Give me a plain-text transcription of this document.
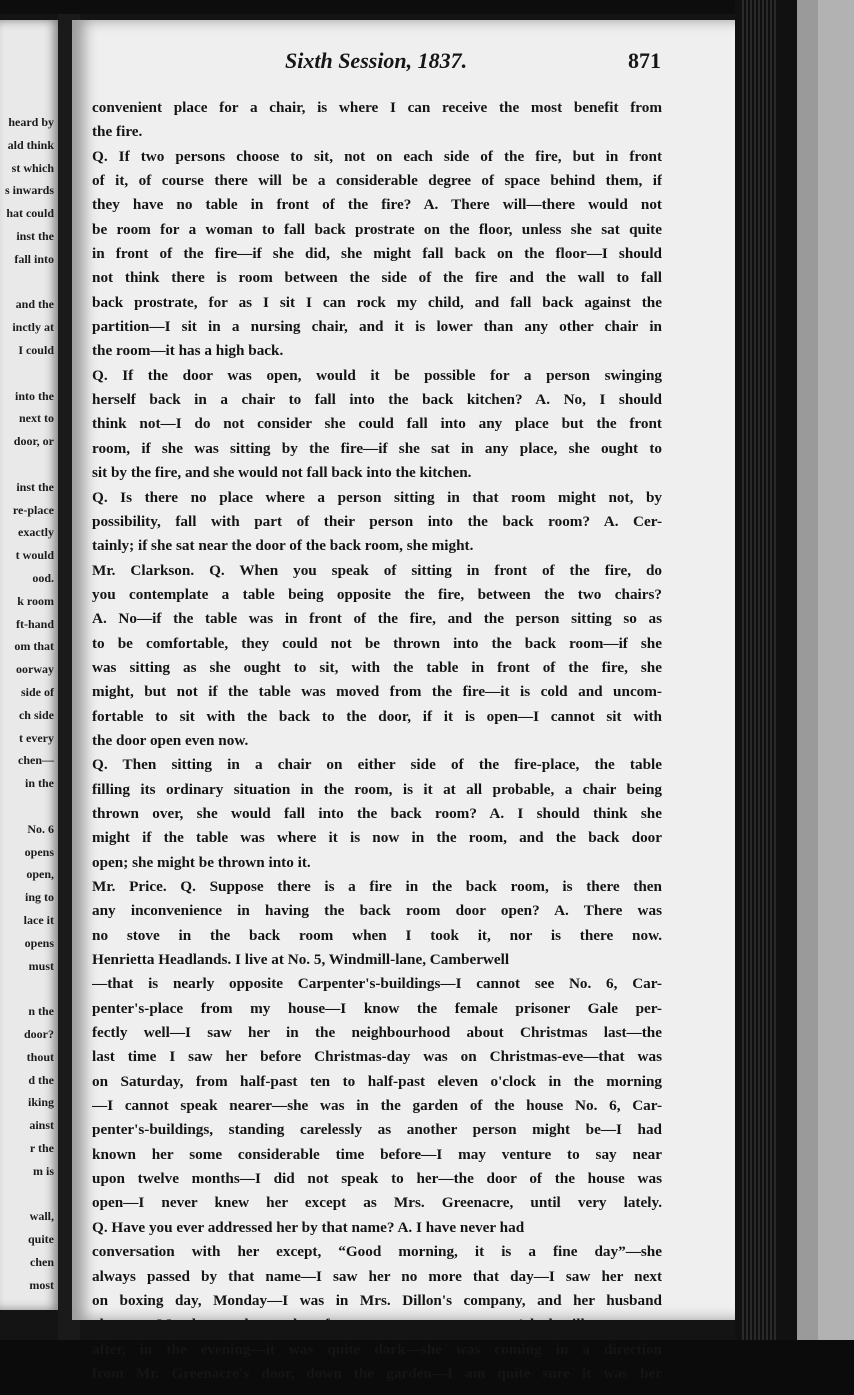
heard by
ald think
st which
s inwards
hat could
inst the
fall into
and the
inctly at
I could
into the
next to
door, or
inst the
re-place
exactly
t would
ood.
k room
ft-hand
om that
oorway
side of
ch side
t every
chen—
in the
No. 6
opens
open,
ing to
lace it
opens
must
n the
door?
thout
d the
iking
ainst
r the
m is
wall,
quite
chen
most
Sixth Session, 1837.	871
convenient place for a chair, is where I can receive the most benefit from
the fire.
Q. If two persons choose to sit, not on each side of the fire, but in front
of it, of course there will be a considerable degree of space behind them, if
they have no table in front of the fire? A. There will—there would not
be room for a woman to fall back prostrate on the floor, unless she sat quite
in front of the fire—if she did, she might fall back on the floor—I should
not think there is room between the side of the fire and the wall to fall
back prostrate, for as I sit I can rock my child, and fall back against the
partition—I sit in a nursing chair, and it is lower than any other chair in
the room—it has a high back.
Q. If the door was open, would it be possible for a person swinging
herself back in a chair to fall into the back kitchen? A. No, I should
think not—I do not consider she could fall into any place but the front
room, if she was sitting by the fire—if she sat in any place, she ought to
sit by the fire, and she would not fall back into the kitchen.
Q. Is there no place where a person sitting in that room might not, by
possibility, fall with part of their person into the back room? A. Cer-
tainly; if she sat near the door of the back room, she might.
Mr. Clarkson. Q. When you speak of sitting in front of the fire, do
you contemplate a table being opposite the fire, between the two chairs?
A. No—if the table was in front of the fire, and the person sitting so as
to be comfortable, they could not be thrown into the back room—if she
was sitting as she ought to sit, with the table in front of the fire, she
might, but not if the table was moved from the fire—it is cold and uncom-
fortable to sit with the back to the door, if it is open—I cannot sit with
the door open even now.
Q. Then sitting in a chair on either side of the fire-place, the table
filling its ordinary situation in the room, is it at all probable, a chair being
thrown over, she would fall into the back room? A. I should think she
might if the table was where it is now in the room, and the back door
open; she might be thrown into it.
Mr. Price. Q. Suppose there is a fire in the back room, is there then
any inconvenience in having the back room door open? A. There was
no stove in the back room when I took it, nor is there now.
Henrietta Headlands. I live at No. 5, Windmill-lane, Camberwell
—that is nearly opposite Carpenter's-buildings—I cannot see No. 6, Car-
penter's-place from my house—I know the female prisoner Gale per-
fectly well—I saw her in the neighbourhood about Christmas last—the
last time I saw her before Christmas-day was on Christmas-eve—that was
on Saturday, from half-past ten to half-past eleven o'clock in the morning
—I cannot speak nearer—she was in the garden of the house No. 6, Car-
penter's-buildings, standing carelessly as another person might be—I had
known her some considerable time before—I may venture to say near
upon twelve months—I did not speak to her—the door of the house was
open—I never knew her except as Mrs. Greenacre, until very lately.
Q. Have you ever addressed her by that name? A. I have never had
conversation with her except, “Good morning, it is a fine day”—she
always passed by that name—I saw her no more that day—I saw her next
on boxing day, Monday—I was in Mrs. Dillon's company, and her husband
also, on Monday, and saw her from a quarter to seven o'clock till a quarter
after, in the evening—it was quite dark—she was coming in a direction
from Mr. Greenacre's door, down the garden—I am quite sure it was her
